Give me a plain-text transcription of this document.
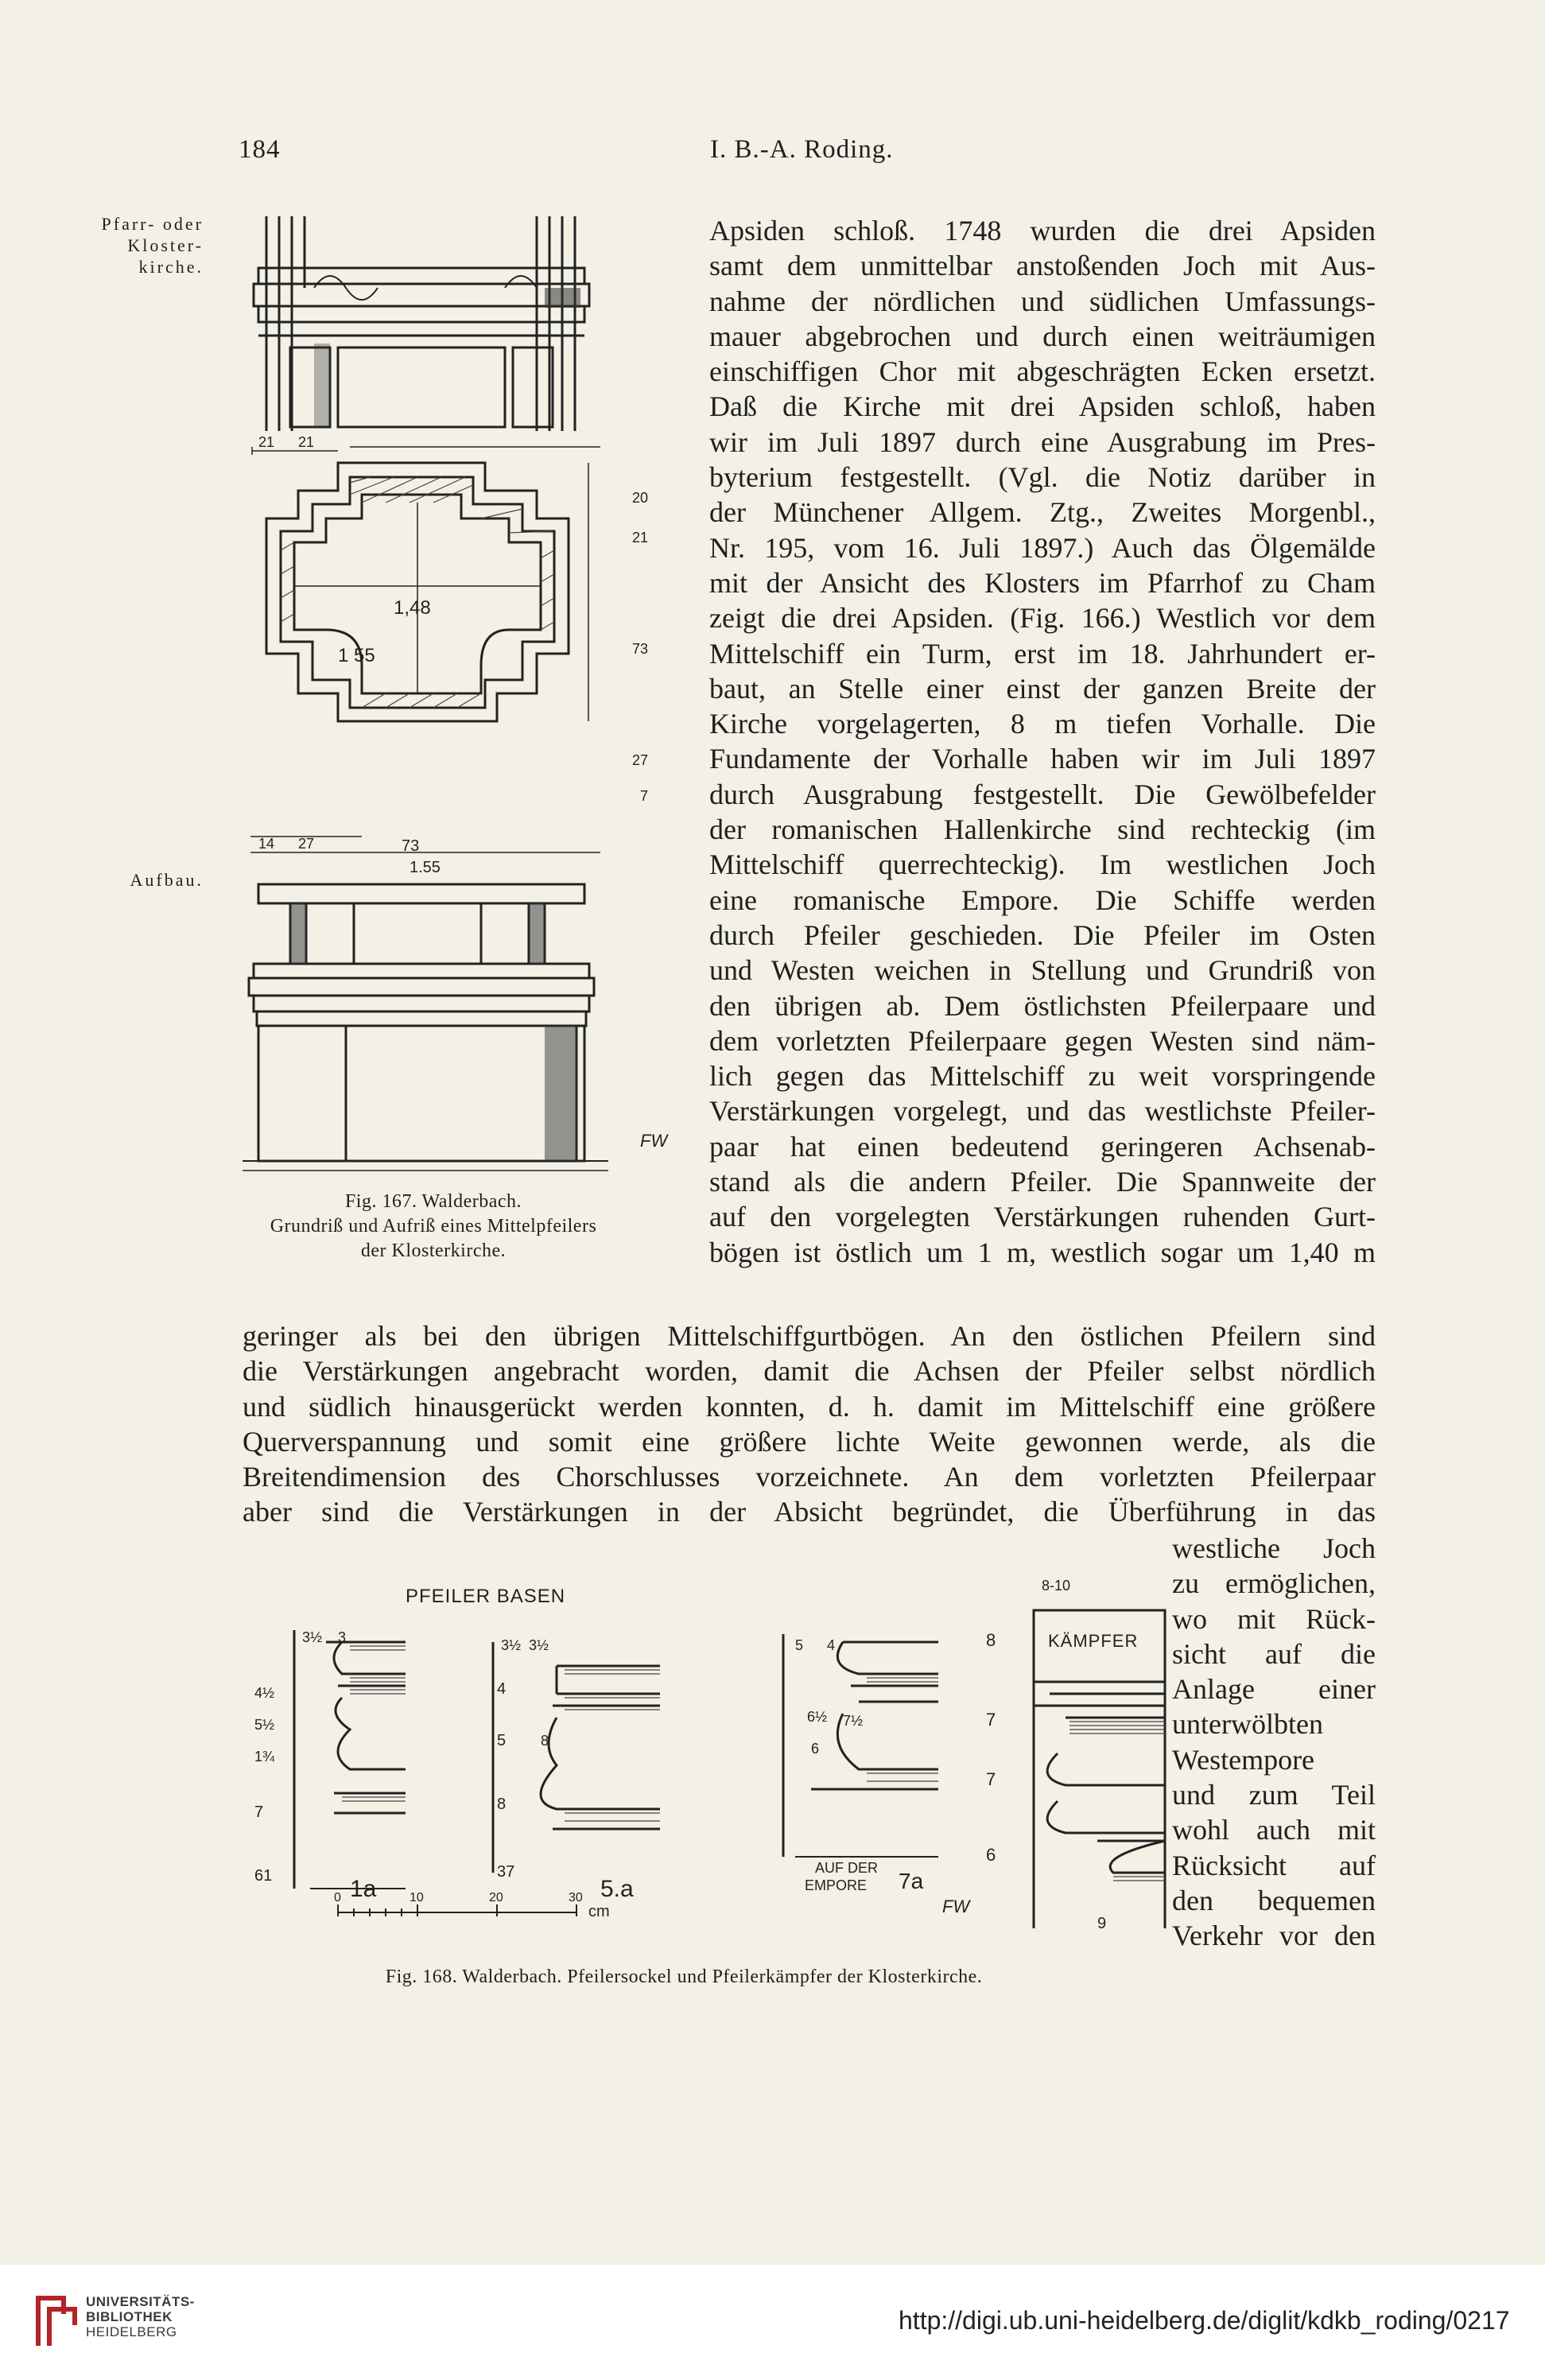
184	I. B.-A. Roding.
Pfarr- oder Kloster- kirche.
Aufbau.
21 21
20
21
1,48
1 55	73
27
7
14 27	73
1.55
FW
Fig. 167. Walderbach.
Grundriß und Aufriß eines Mittelpfeilers
der Klosterkirche.
Apsiden schloß. 1748 wurden die drei Apsiden
samt dem unmittelbar anstoßenden Joch mit Aus-
nahme der nördlichen und südlichen Umfassungs-
mauer abgebrochen und durch einen weiträumigen
einschiffigen Chor mit abgeschrägten Ecken ersetzt.
Daß die Kirche mit drei Apsiden schloß, haben
wir im Juli 1897 durch eine Ausgrabung im Pres-
byterium festgestellt. (Vgl. die Notiz darüber in
der Münchener Allgem. Ztg., Zweites Morgenbl.,
Nr. 195, vom 16. Juli 1897.) Auch das Ölgemälde
mit der Ansicht des Klosters im Pfarrhof zu Cham
zeigt die drei Apsiden. (Fig. 166.) Westlich vor dem
Mittelschiff ein Turm, erst im 18. Jahrhundert er-
baut, an Stelle einer einst der ganzen Breite der
Kirche vorgelagerten, 8 m tiefen Vorhalle. Die
Fundamente der Vorhalle haben wir im Juli 1897
durch Ausgrabung festgestellt. Die Gewölbefelder
der romanischen Hallenkirche sind rechteckig (im
Mittelschiff querrechteckig). Im westlichen Joch
eine romanische Empore. Die Schiffe werden
durch Pfeiler geschieden. Die Pfeiler im Osten
und Westen weichen in Stellung und Grundriß von
den übrigen ab. Dem östlichsten Pfeilerpaare und
dem vorletzten Pfeilerpaare gegen Westen sind näm-
lich gegen das Mittelschiff zu weit vorspringende
Verstärkungen vorgelegt, und das westlichste Pfeiler-
paar hat einen bedeutend geringeren Achsenab-
stand als die andern Pfeiler. Die Spannweite der
auf den vorgelegten Verstärkungen ruhenden Gurt-
bögen ist östlich um 1 m, westlich sogar um 1,40 m
geringer als bei den übrigen Mittelschiffgurtbögen. An den östlichen Pfeilern sind
die Verstärkungen angebracht worden, damit die Achsen der Pfeiler selbst nördlich
und südlich hinausgerückt werden konnten, d. h. damit im Mittelschiff eine größere
Querverspannung und somit eine größere lichte Weite gewonnen werde, als die
Breitendimension des Chorschlusses vorzeichnete. An dem vorletzten Pfeilerpaar
aber sind die Verstärkungen in der Absicht begründet, die Überführung in das
westliche Joch
zu ermöglichen,
wo mit Rück-
sicht auf die
Anlage einer
unterwölbten
Westempore
und zum Teil
wohl auch mit
Rücksicht auf
den bequemen
Verkehr vor den
PFEILER BASEN
4½
5½
1¾
7
61	1a
3½ 3	3½ 3½
4
5 8
8
37
5.a
0	10	20	30
cm
5 4
6½ 7½
6
AUF DER
EMPORE 7a
FW
8-10
8	KÄMPFER
7
7
6
9
Fig. 168. Walderbach. Pfeilersockel und Pfeilerkämpfer der Klosterkirche.
UNIVERSITÄTS-
BIBLIOTHEK
HEIDELBERG	http://digi.ub.uni-heidelberg.de/diglit/kdkb_roding/0217
